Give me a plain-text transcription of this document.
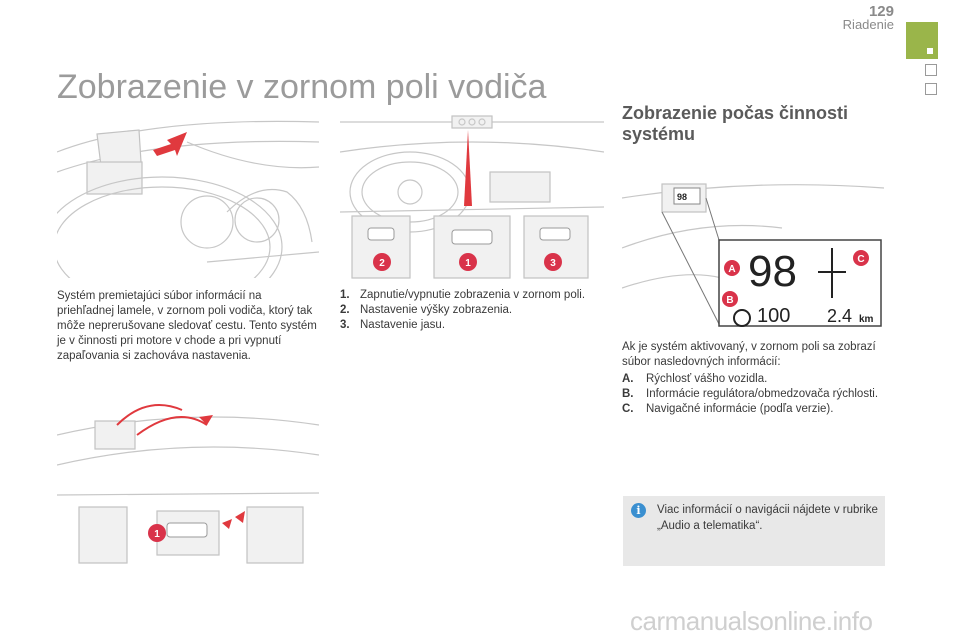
129
Riadenie
Zobrazenie v zornom poli vodiča
2	1	3
Zobrazenie počas činnosti systému
98
98
100 2.4 km
A
B
C
Systém premietajúci súbor informácií na priehľadnej lamele, v zornom poli vodiča, ktorý tak môže neprerušovane sledovať cestu. Tento systém je v činnosti pri motore v chode a pri vypnutí zapaľovania si zachováva nastavenia.
1. Zapnutie/vypnutie zobrazenia v zornom poli.
2. Nastavenie výšky zobrazenia.
3. Nastavenie jasu.
Ak je systém aktivovaný, v zornom poli sa zobrazí súbor nasledovných informácií:
A.	Rýchlosť vášho vozidla.
B.	Informácie regulátora/obmedzovača rýchlosti.
C.	Navigačné informácie (podľa verzie).
1
i	Viac informácií o navigácii nájdete v rubrike „Audio a telematika“.
carmanualsonline.info
